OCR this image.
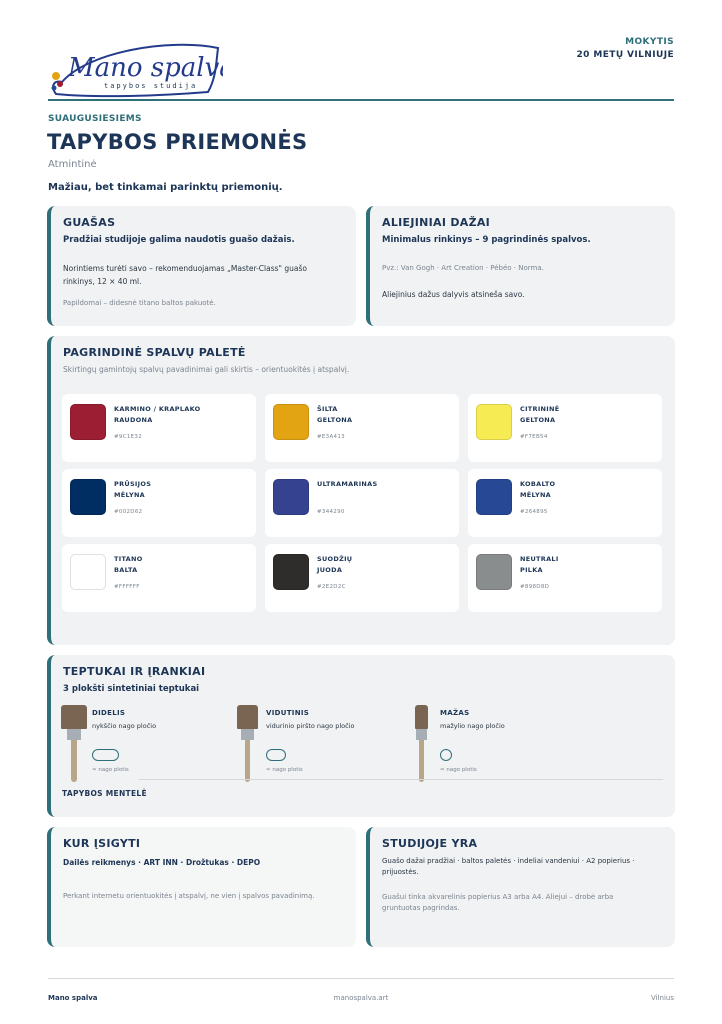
Mano spalva
tapybos studija
MOKYTIS
20 METŲ VILNIUJE
SUAUGUSIESIEMS
TAPYBOS PRIEMONĖS
Atmintinė
Mažiau, bet tinkamai parinktų priemonių.
GUAŠAS
Pradžiai studijoje galima naudotis guašo dažais.
Norintiems turėti savo – rekomenduojamas „Master-Class" guašo rinkinys, 12 × 40 ml.
Papildomai – didesnė titano baltos pakuotė.
ALIEJINIAI DAŽAI
Minimalus rinkinys – 9 pagrindinės spalvos.
Pvz.: Van Gogh · Art Creation · Pébéo · Norma.
Aliejinius dažus dalyvis atsineša savo.
PAGRINDINĖ SPALVŲ PALETĖ
Skirtingų gamintojų spalvų pavadinimai gali skirtis – orientuokitės į atspalvį.
KARMINO / KRAPLAKO
RAUDONA
#9C1E32
ŠILTA
GELTONA
#E3A413
CITRININĖ
GELTONA
#F7EB54
PRŪSIJOS
MĖLYNA
#002D62
ULTRAMARINAS

#344290
KOBALTO
MĖLYNA
#264895
TITANO
BALTA
#FFFFFF
SUODŽIŲ
JUODA
#2E2D2C
NEUTRALI
PILKA
#898D8D
TEPTUKAI IR ĮRANKIAI
3 plokšti sintetiniai teptukai
DIDELIS
nykščio nago pločio
≈ nago plotis
VIDUTINIS
vidurinio piršto nago pločio
≈ nago plotis
MAŽAS
mažylio nago pločio
≈ nago plotis
TAPYBOS MENTELĖ
KUR ĮSIGYTI
Dailės reikmenys · ART INN · Drožtukas · DEPO
Perkant internetu orientuokitės į atspalvį, ne vien į spalvos pavadinimą.
STUDIJOJE YRA
Guašo dažai pradžiai · baltos paletės · indeliai vandeniui · A2 popierius · prijuostės.
Guašui tinka akvarelinis popierius A3 arba A4. Aliejui – drobė arba gruntuotas pagrindas.
Mano spalva	manospalva.art	Vilnius
